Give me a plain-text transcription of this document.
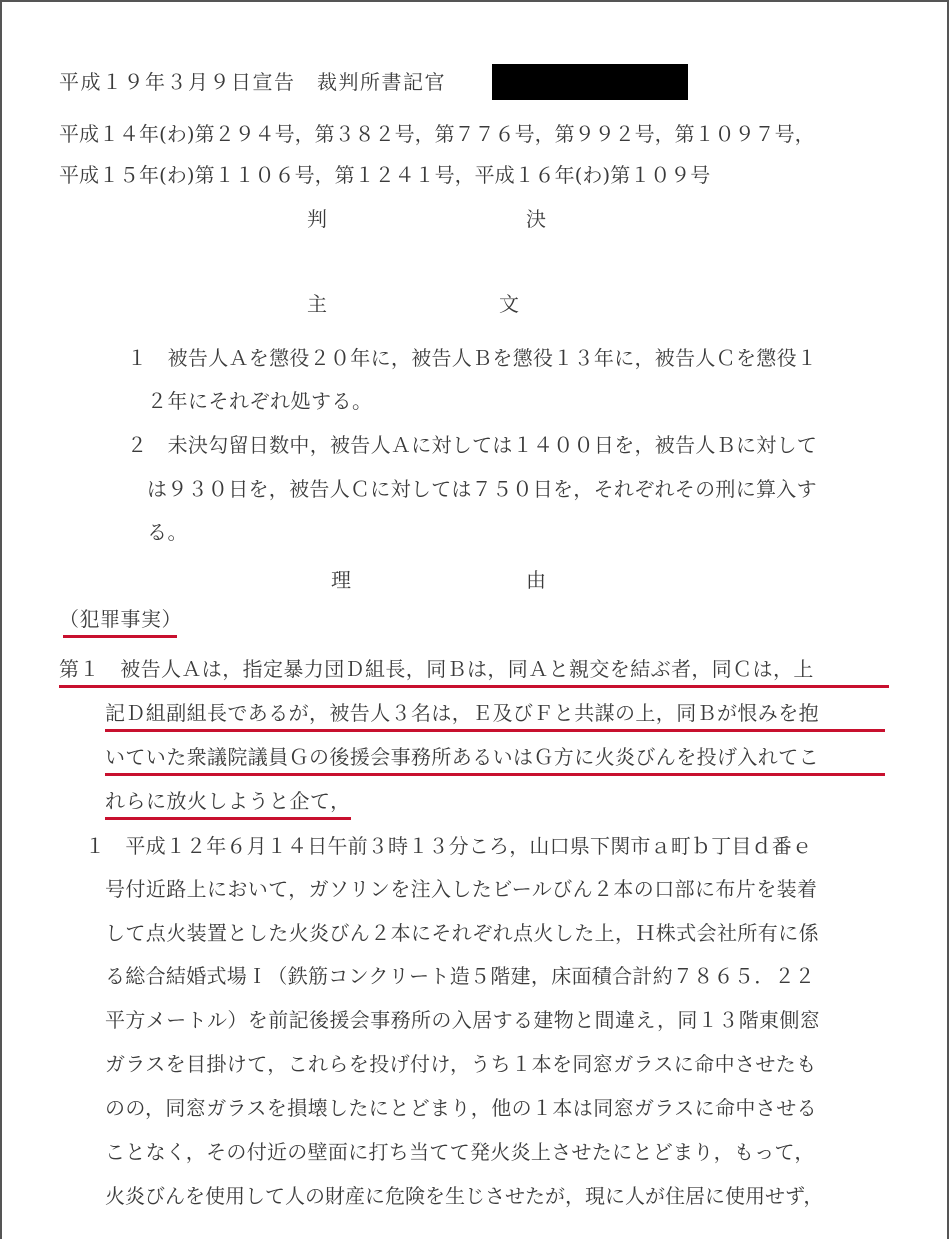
平成１９年３月９日宣告　裁判所書記官
平成１４年(わ)第２９４号，第３８２号，第７７６号，第９９２号，第１０９７号，
平成１５年(わ)第１１０６号，第１２４１号，平成１６年(わ)第１０９号
判	決
主	文
１　被告人Ａを懲役２０年に，被告人Ｂを懲役１３年に，被告人Ｃを懲役１
２年にそれぞれ処する。
２　未決勾留日数中，被告人Ａに対しては１４００日を，被告人Ｂに対して
は９３０日を，被告人Ｃに対しては７５０日を，それぞれその刑に算入す
る。
理	由
（犯罪事実）
第１　被告人Ａは，指定暴力団Ｄ組長，同Ｂは，同Ａと親交を結ぶ者，同Ｃは，上
記Ｄ組副組長であるが，被告人３名は，Ｅ及びＦと共謀の上，同Ｂが恨みを抱
いていた衆議院議員Ｇの後援会事務所あるいはＧ方に火炎びんを投げ入れてこ
れらに放火しようと企て，
１　平成１２年６月１４日午前３時１３分ころ，山口県下関市ａ町ｂ丁目ｄ番ｅ
号付近路上において，ガソリンを注入したビールびん２本の口部に布片を装着
して点火装置とした火炎びん２本にそれぞれ点火した上，Ｈ株式会社所有に係
る総合結婚式場Ｉ（鉄筋コンクリート造５階建，床面積合計約７８６５．２２
平方メートル）を前記後援会事務所の入居する建物と間違え，同１３階東側窓
ガラスを目掛けて，これらを投げ付け，うち１本を同窓ガラスに命中させたも
のの，同窓ガラスを損壊したにとどまり，他の１本は同窓ガラスに命中させる
ことなく，その付近の壁面に打ち当てて発火炎上させたにとどまり，もって，
火炎びんを使用して人の財産に危険を生じさせたが，現に人が住居に使用せず，
